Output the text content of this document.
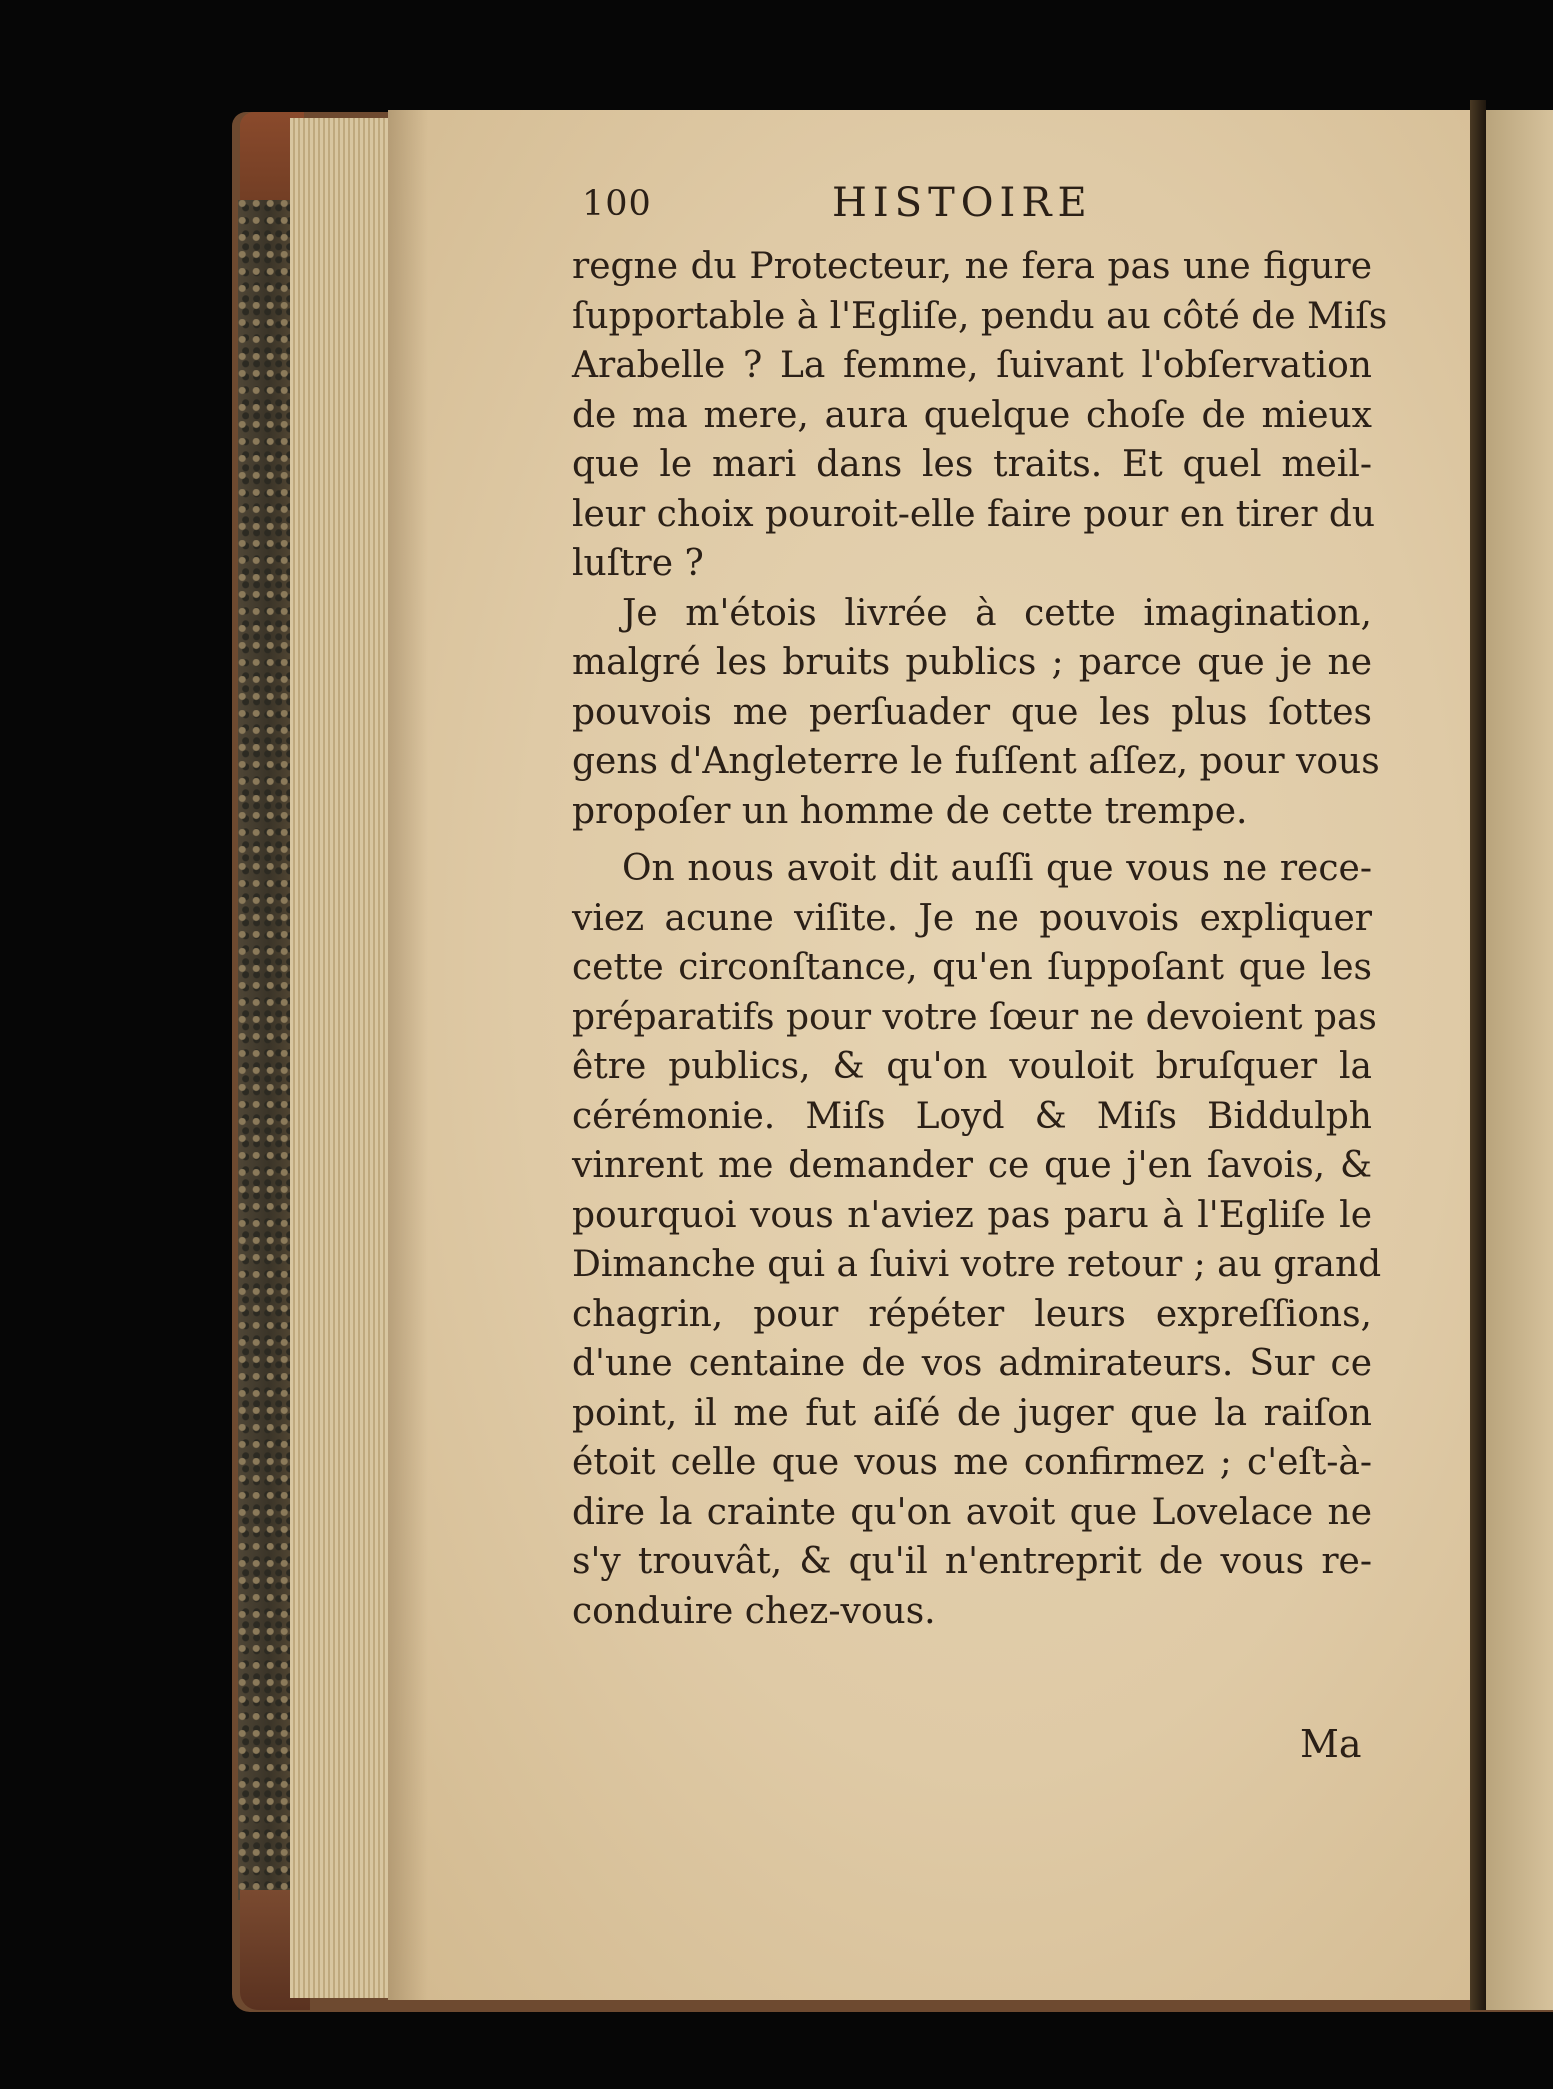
100	HISTOIRE
regne du Protecteur, ne fera pas une figure
ſupportable à l'Egliſe, pendu au côté de Miſs
Arabelle ? La femme, ſuivant l'obſervation
de ma mere, aura quelque choſe de mieux
que le mari dans les traits. Et quel meil-
leur choix pouroit-elle faire pour en tirer du
luſtre ?
Je m'étois livrée à cette imagination,
malgré les bruits publics ; parce que je ne
pouvois me perſuader que les plus ſottes
gens d'Angleterre le fuſſent aſſez, pour vous
propoſer un homme de cette trempe.
On nous avoit dit auſſi que vous ne rece-
viez acune viſite. Je ne pouvois expliquer
cette circonſtance, qu'en ſuppoſant que les
préparatifs pour votre ſœur ne devoient pas
être publics, & qu'on vouloit bruſquer la
cérémonie. Miſs Loyd & Miſs Biddulph
vinrent me demander ce que j'en ſavois, &
pourquoi vous n'aviez pas paru à l'Egliſe le
Dimanche qui a ſuivi votre retour ; au grand
chagrin, pour répéter leurs expreſſions,
d'une centaine de vos admirateurs. Sur ce
point, il me fut aiſé de juger que la raiſon
étoit celle que vous me confirmez ; c'eſt-à-
dire la crainte qu'on avoit que Lovelace ne
s'y trouvât, & qu'il n'entreprit de vous re-
conduire chez-vous.
Ma
